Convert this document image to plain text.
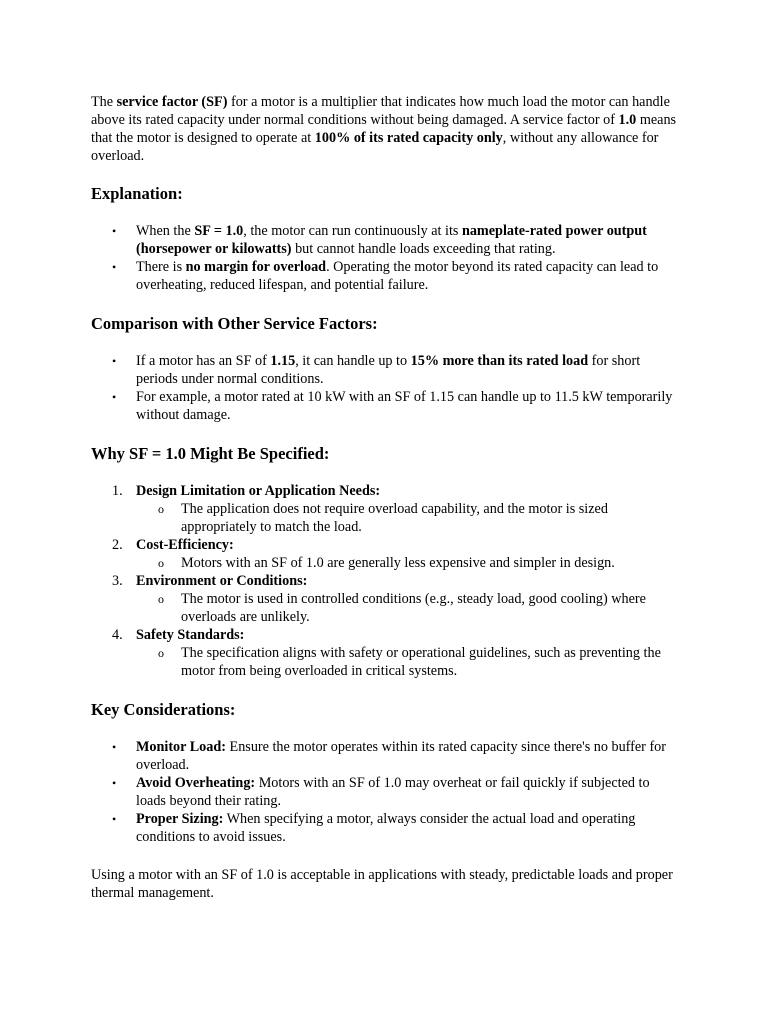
The service factor (SF) for a motor is a multiplier that indicates how much load the motor can handle above its rated capacity under normal conditions without being damaged. A service factor of 1.0 means that the motor is designed to operate at 100% of its rated capacity only, without any allowance for overload.

Explanation:
• When the SF = 1.0, the motor can run continuously at its nameplate-rated power output (horsepower or kilowatts) but cannot handle loads exceeding that rating.
• There is no margin for overload. Operating the motor beyond its rated capacity can lead to overheating, reduced lifespan, and potential failure.
Comparison with Other Service Factors:
• If a motor has an SF of 1.15, it can handle up to 15% more than its rated load for short periods under normal conditions.
• For example, a motor rated at 10 kW with an SF of 1.15 can handle up to 11.5 kW temporarily without damage.
Why SF = 1.0 Might Be Specified:
1. Design Limitation or Application Needs:
o The application does not require overload capability, and the motor is sized appropriately to match the load.
2. Cost-Efficiency:
o Motors with an SF of 1.0 are generally less expensive and simpler in design.
3. Environment or Conditions:
o The motor is used in controlled conditions (e.g., steady load, good cooling) where overloads are unlikely.
4. Safety Standards:
o The specification aligns with safety or operational guidelines, such as preventing the motor from being overloaded in critical systems.
Key Considerations:
• Monitor Load: Ensure the motor operates within its rated capacity since there's no buffer for overload.
• Avoid Overheating: Motors with an SF of 1.0 may overheat or fail quickly if subjected to loads beyond their rating.
• Proper Sizing: When specifying a motor, always consider the actual load and operating conditions to avoid issues.

Using a motor with an SF of 1.0 is acceptable in applications with steady, predictable loads and proper thermal management.
